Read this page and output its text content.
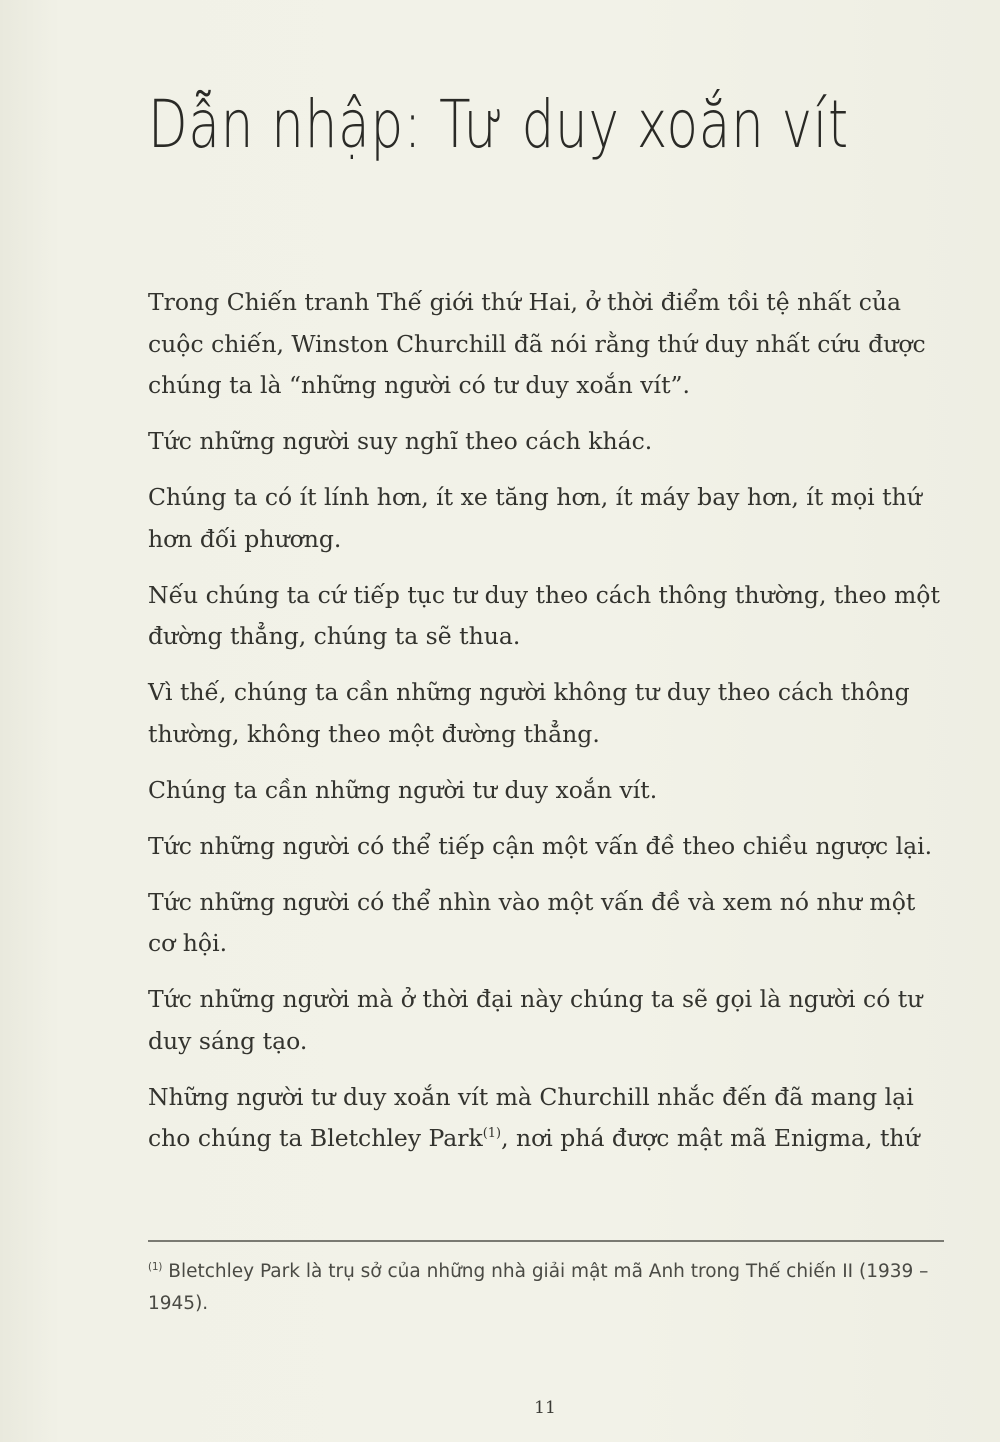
Dẫn nhập: Tư duy xoắn vít

Trong Chiến tranh Thế giới thứ Hai, ở thời điểm tồi tệ nhất của cuộc chiến, Winston Churchill đã nói rằng thứ duy nhất cứu được chúng ta là “những người có tư duy xoắn vít”.

Tức những người suy nghĩ theo cách khác.

Chúng ta có ít lính hơn, ít xe tăng hơn, ít máy bay hơn, ít mọi thứ hơn đối phương.

Nếu chúng ta cứ tiếp tục tư duy theo cách thông thường, theo một đường thẳng, chúng ta sẽ thua.

Vì thế, chúng ta cần những người không tư duy theo cách thông thường, không theo một đường thẳng.

Chúng ta cần những người tư duy xoắn vít.

Tức những người có thể tiếp cận một vấn đề theo chiều ngược lại.

Tức những người có thể nhìn vào một vấn đề và xem nó như một cơ hội.

Tức những người mà ở thời đại này chúng ta sẽ gọi là người có tư duy sáng tạo.

Những người tư duy xoắn vít mà Churchill nhắc đến đã mang lại cho chúng ta Bletchley Park$^{(1)}$, nơi phá được mật mã Enigma, thứ

$^{(1)}$ Bletchley Park là trụ sở của những nhà giải mật mã Anh trong Thế chiến II (1939 – 1945).
11
